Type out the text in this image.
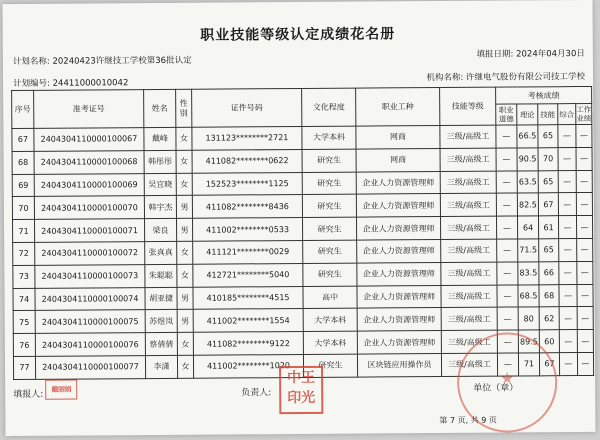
职业技能等级认定成绩花名册
计划名称: 20240423许继技工学校第36批认定
填报日期: 2024年04月30日
计划编号: 24411000010042
机构名称: 许继电气股份有限公司技工学校
序号	准考证号	姓名	性别	证件号码	文化程度	职业工种	技能等级	考核成绩				
								职业道德	理论	技能	综合	工作业绩
67	2404304110000100067	戴峰	女	131123********2721	大学本科	网商	三级/高级工	—	66.5	65	—	—
68	2404304110000100068	韩彤彤	女	411082********0622	研究生	网商	三级/高级工	—	90.5	70	—	—
69	2404304110000100069	吴宜晓	女	152523********1125	研究生	企业人力资源管理师	三级/高级工	—	63.5	65	—	—
70	2404304110000100070	韩宇杰	男	411082********8436	研究生	企业人力资源管理师	三级/高级工	—	82.5	67	—	—
71	2404304110000100071	梁良	男	411002********0533	研究生	企业人力资源管理师	三级/高级工	—	64	61	—	—
72	2404304110000100072	张真真	女	411121********0029	研究生	企业人力资源管理师	三级/高级工	—	71.5	65	—	—
73	2404304110000100073	朱聪聪	女	412721********5040	研究生	企业人力资源管理师	三级/高级工	—	83.5	66	—	—
74	2404304110000100074	胡亚捷	男	410185********4515	高中	企业人力资源管理师	三级/高级工	—	68.5	68	—	—
75	2404304110000100075	苏煜岚	男	411002********1554	大学本科	企业人力资源管理师	三级/高级工	—	80	62	—	—
76	2404304110000100076	蔡倩倩	女	411082********9122	大学本科	企业人力资源管理师	三级/高级工	—	89.5	60	—	—
77	2404304110000100077	李潇	女	411002********1020	研究生	区块链应用操作员	三级/高级工	—	71	67	—	—
填报人:
戴丽娟	负责人:
中王
印光
单位（章）
★
第 7 页, 共 9 页
